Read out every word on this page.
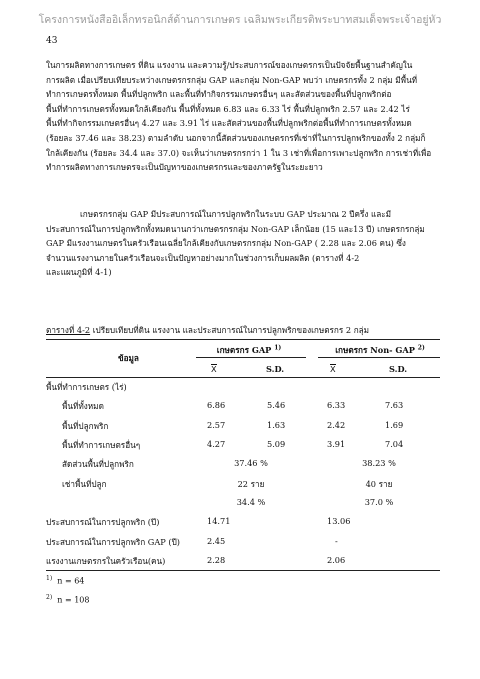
โครงการหนังสืออิเล็กทรอนิกส์ด้านการเกษตร เฉลิมพระเกียรติพระบาทสมเด็จพระเจ้าอยู่หัว
43

ในการผลิตทางการเกษตร ที่ดิน แรงงาน และความรู้/ประสบการณ์ของเกษตรกรเป็นปัจจัยพื้นฐานสำคัญใน
การผลิต เมื่อเปรียบเทียบระหว่างเกษตรกรกลุ่ม GAP และกลุ่ม Non-GAP พบว่า เกษตรกรทั้ง 2 กลุ่ม มีพื้นที่
ทำการเกษตรทั้งหมด พื้นที่ปลูกพริก และพื้นที่ทำกิจกรรมเกษตรอื่นๆ และสัดส่วนของพื้นที่ปลูกพริกต่อ
พื้นที่ทำการเกษตรทั้งหมดใกล้เคียงกัน พื้นที่ทั้งหมด 6.83 และ 6.33 ไร่ พื้นที่ปลูกพริก 2.57 และ 2.42 ไร่
พื้นที่ทำกิจกรรมเกษตรอื่นๆ 4.27 และ 3.91 ไร่ และสัดส่วนของพื้นที่ปลูกพริกต่อพื้นที่ทำการเกษตรทั้งหมด
(ร้อยละ 37.46 และ 38.23) ตามลำดับ นอกจากนี้สัดส่วนของเกษตรกรที่เช่าที่ในการปลูกพริกของทั้ง 2 กลุ่มก็
ใกล้เคียงกัน (ร้อยละ 34.4 และ 37.0) จะเห็นว่าเกษตรกรกว่า 1 ใน 3 เช่าที่เพื่อการเพาะปลูกพริก การเช่าที่เพื่อ
ทำการผลิตทางการเกษตรจะเป็นปัญหาของเกษตรกรและของภาครัฐในระยะยาว

เกษตรกรกลุ่ม GAP มีประสบการณ์ในการปลูกพริกในระบบ GAP ประมาณ 2 ปีครึ่ง และมี
ประสบการณ์ในการปลูกพริกทั้งหมดนานกว่าเกษตรกรกลุ่ม Non-GAP เล็กน้อย (15 และ13 ปี) เกษตรกรกลุ่ม
GAP มีแรงงานเกษตรในครัวเรือนเฉลี่ยใกล้เคียงกับเกษตรกรกลุ่ม Non-GAP ( 2.28 และ 2.06 คน) ซึ่ง
จำนวนแรงงานภายในครัวเรือนจะเป็นปัญหาอย่างมากในช่วงการเก็บผลผลิต (ตารางที่ 4-2
และแผนภูมิที่ 4-1)

ตารางที่ 4-2 เปรียบเทียบที่ดิน แรงงาน และประสบการณ์ในการปลูกพริกของเกษตรกร 2 กลุ่ม
ข้อมูล
เกษตรกร GAP $^{1)}$	เกษตรกร Non- GAP $^{2)}$
X	S.D.	X	S.D.
พื้นที่ทำการเกษตร (ไร่)
พื้นที่ทั้งหมด	6.86	5.46	6.33	7.63
พื้นที่ปลูกพริก	2.57	1.63	2.42	1.69
พื้นที่ทำการเกษตรอื่นๆ	4.27	5.09	3.91	7.04
สัดส่วนพื้นที่ปลูกพริก	37.46 %	38.23 %
เช่าพื้นที่ปลูก	22 ราย	40 ราย
34.4 %	37.0 %
ประสบการณ์ในการปลูกพริก (ปี)	14.71	13.06
ประสบการณ์ในการปลูกพริก GAP (ปี)	2.45	-
แรงงานเกษตรกรในครัวเรือน(คน)	2.28	2.06
$^{1)}$ n = 64
$^{2)}$ n = 108
